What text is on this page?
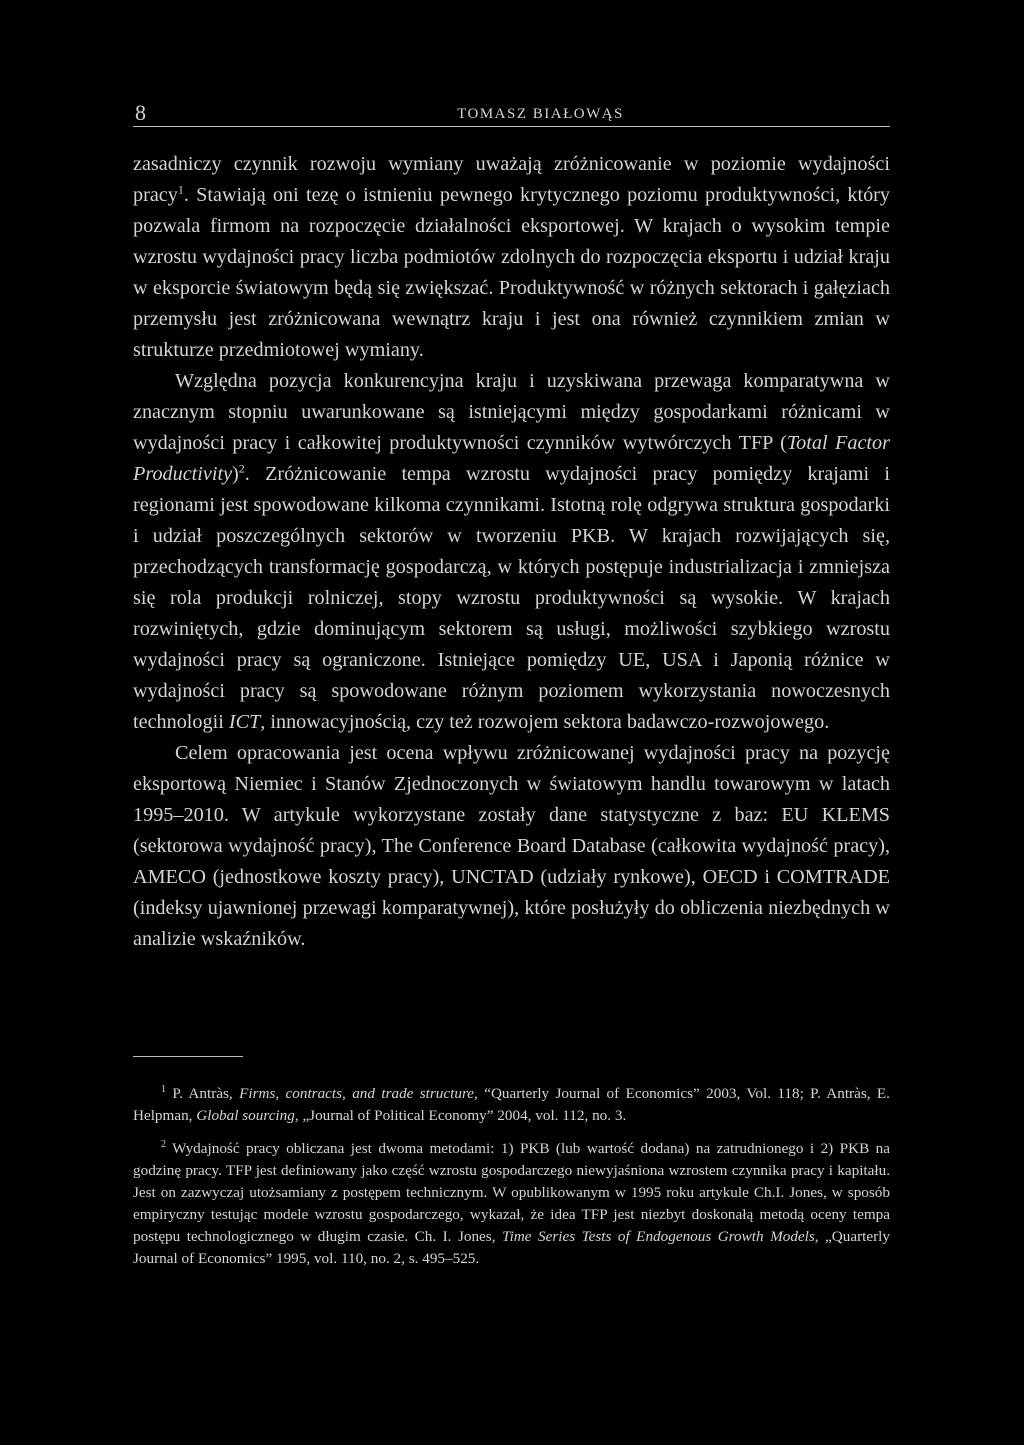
8	TOMASZ BIAŁOWĄS

zasadniczy czynnik rozwoju wymiany uważają zróżnicowanie w poziomie wydajności pracy$^1$. Stawiają oni tezę o istnieniu pewnego krytycznego poziomu produktywności, który pozwala firmom na rozpoczęcie działalności eksportowej. W krajach o wysokim tempie wzrostu wydajności pracy liczba podmiotów zdolnych do rozpoczęcia eksportu i udział kraju w eksporcie światowym będą się zwiększać. Produktywność w różnych sektorach i gałęziach przemysłu jest zróżnicowana wewnątrz kraju i jest ona również czynnikiem zmian w strukturze przedmiotowej wymiany.

Względna pozycja konkurencyjna kraju i uzyskiwana przewaga komparatywna w znacznym stopniu uwarunkowane są istniejącymi między gospodarkami różnicami w wydajności pracy i całkowitej produktywności czynników wytwórczych TFP (Total Factor Productivity)$^2$. Zróżnicowanie tempa wzrostu wydajności pracy pomiędzy krajami i regionami jest spowodowane kilkoma czynnikami. Istotną rolę odgrywa struktura gospodarki i udział poszczególnych sektorów w tworzeniu PKB. W krajach rozwijających się, przechodzących transformację gospodarczą, w których postępuje industrializacja i zmniejsza się rola produkcji rolniczej, stopy wzrostu produktywności są wysokie. W krajach rozwiniętych, gdzie dominującym sektorem są usługi, możliwości szybkiego wzrostu wydajności pracy są ograniczone. Istniejące pomiędzy UE, USA i Japonią różnice w wydajności pracy są spowodowane różnym poziomem wykorzystania nowoczesnych technologii ICT, innowacyjnością, czy też rozwojem sektora badawczo-rozwojowego.

Celem opracowania jest ocena wpływu zróżnicowanej wydajności pracy na pozycję eksportową Niemiec i Stanów Zjednoczonych w światowym handlu towarowym w latach 1995–2010. W artykule wykorzystane zostały dane statystyczne z baz: EU KLEMS (sektorowa wydajność pracy), The Conference Board Database (całkowita wydajność pracy), AMECO (jednostkowe koszty pracy), UNCTAD (udziały rynkowe), OECD i COMTRADE (indeksy ujawnionej przewagi komparatywnej), które posłużyły do obliczenia niezbędnych w analizie wskaźników.

$^1$ P. Antràs, Firms, contracts, and trade structure, “Quarterly Journal of Economics” 2003, Vol. 118; P. Antràs, E. Helpman, Global sourcing, „Journal of Political Economy” 2004, vol. 112, no. 3.

$^2$ Wydajność pracy obliczana jest dwoma metodami: 1) PKB (lub wartość dodana) na zatrudnionego i 2) PKB na godzinę pracy. TFP jest definiowany jako część wzrostu gospodarczego niewyjaśniona wzrostem czynnika pracy i kapitału. Jest on zazwyczaj utożsamiany z postępem technicznym. W opublikowanym w 1995 roku artykule Ch.I. Jones, w sposób empiryczny testując modele wzrostu gospodarczego, wykazał, że idea TFP jest niezbyt doskonałą metodą oceny tempa postępu technologicznego w długim czasie. Ch. I. Jones, Time Series Tests of Endogenous Growth Models, „Quarterly Journal of Economics” 1995, vol. 110, no. 2, s. 495–525.
